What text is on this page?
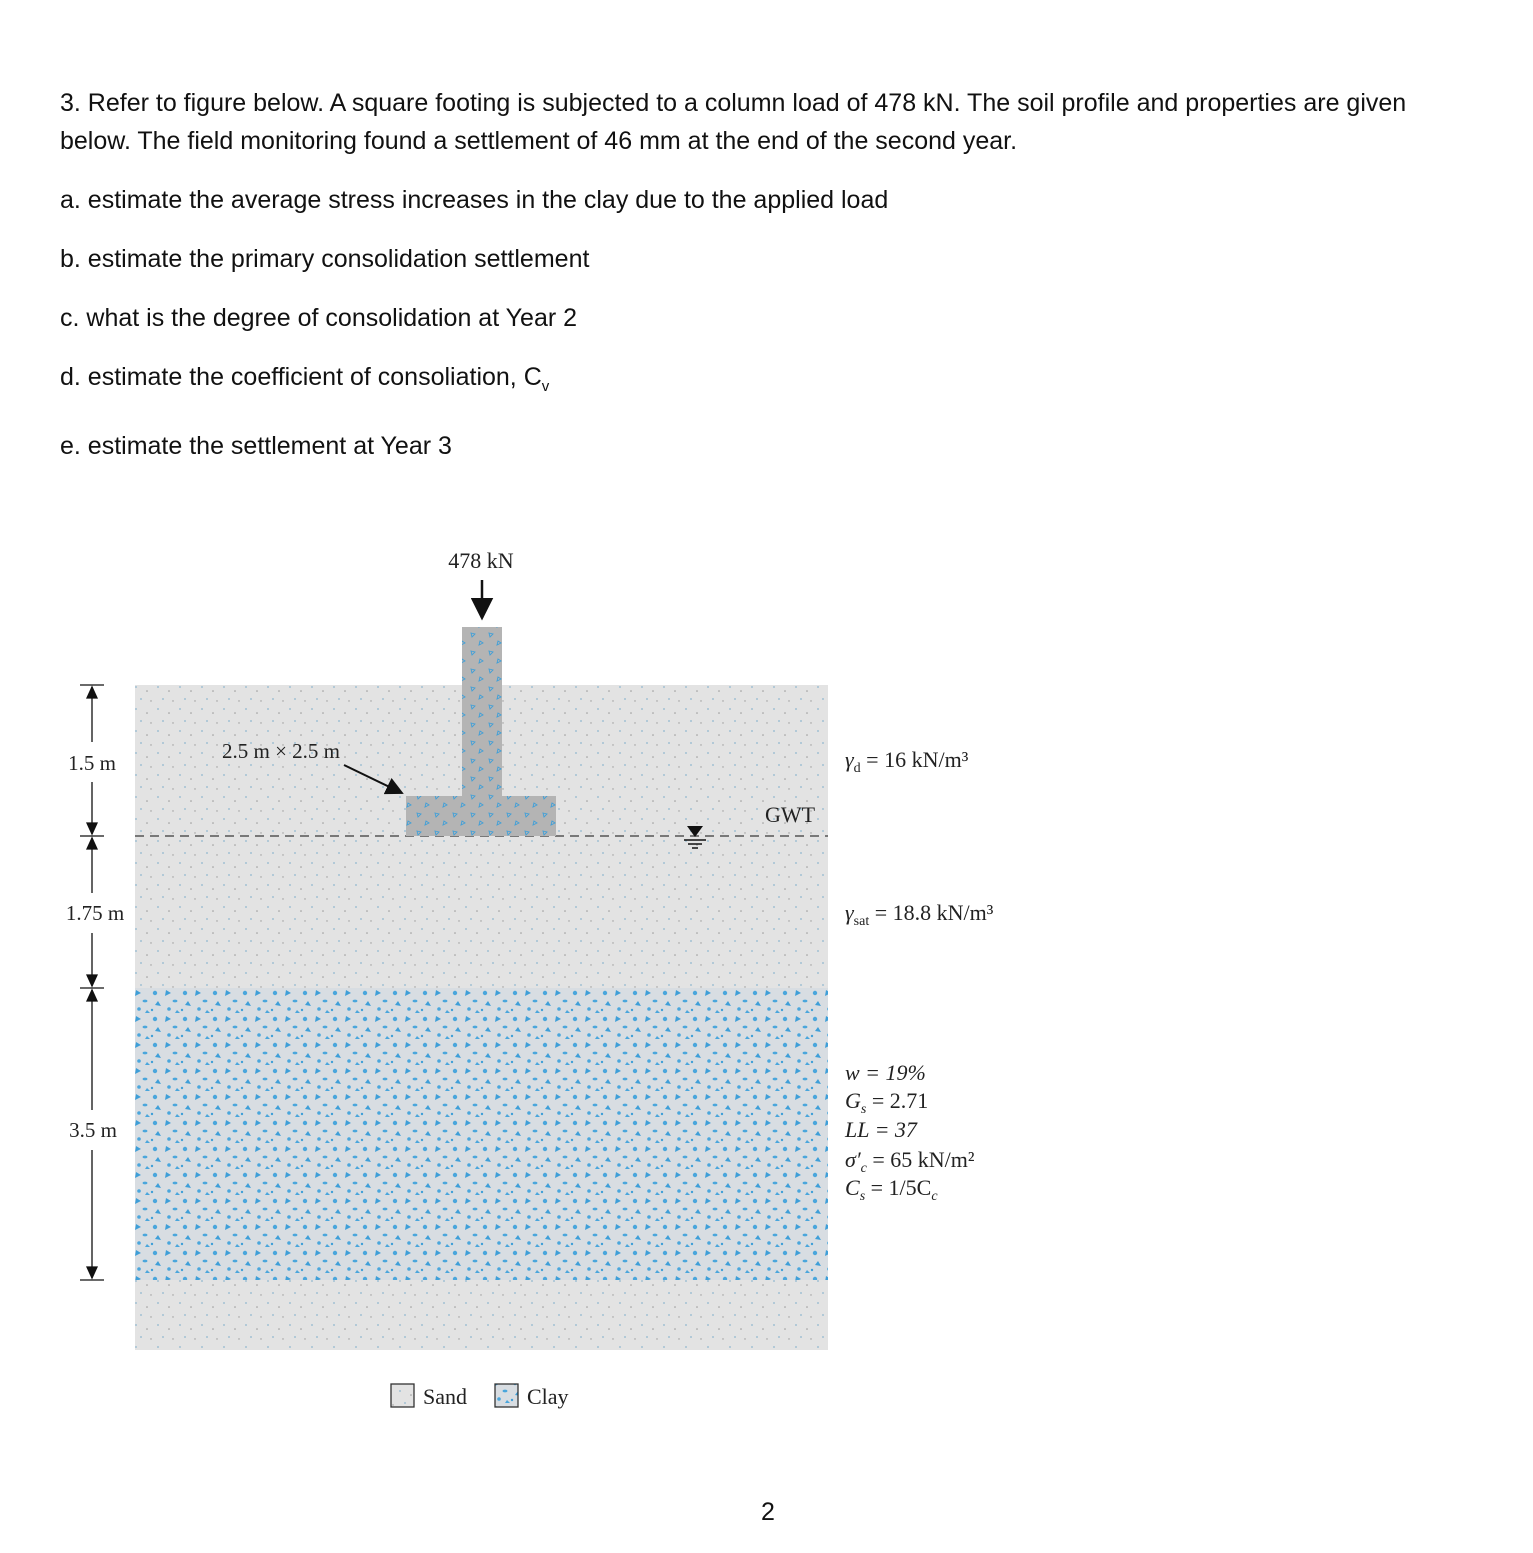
3. Refer to figure below. A square footing is subjected to a column load of 478 kN. The soil profile and properties are given below. The field monitoring found a settlement of 46 mm at the end of the second year.

a. estimate the average stress increases in the clay due to the applied load

b. estimate the primary consolidation settlement

c. what is the degree of consolidation at Year 2

d. estimate the coefficient of consoliation, $C_v$

e. estimate the settlement at Year 3

478 kN
2.5 m × 2.5 m
GWT
1.5 m
1.75 m
3.5 m
$\gamma_d = 16$ kN/m³
$\gamma_{sat} = 18.8$ kN/m³
w = 19%
$G_s = 2.71$
LL = 37
$\sigma'_c = 65$ kN/m²
$C_s = 1/5C_c$
Sand	Clay
2
